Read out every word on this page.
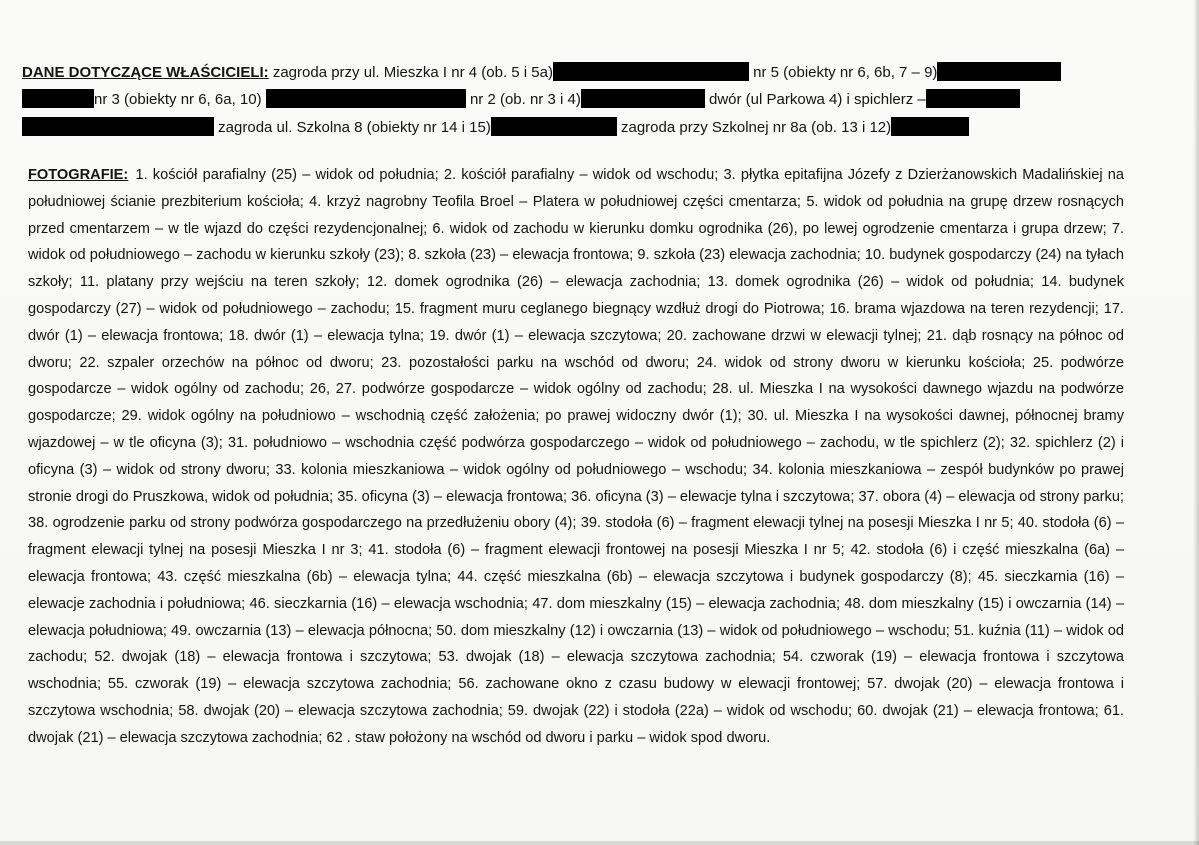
DANE DOTYCZĄCE WŁAŚCICIELI: zagroda przy ul. Mieszka I nr 4 (ob. 5 i 5a)	nr 5 (obiekty nr 6, 6b, 7 – 9)
nr 3 (obiekty nr 6, 6a, 10)	nr 2 (ob. nr 3 i 4)	dwór (ul Parkowa 4) i spichlerz –
zagroda ul. Szkolna 8 (obiekty nr 14 i 15)	zagroda przy Szkolnej nr 8a (ob. 13 i 12)
FOTOGRAFIE: 1. kościół parafialny (25) – widok od południa; 2. kościół parafialny – widok od wschodu; 3. płytka epitafijna Józefy z Dzierżanowskich Madalińskiej na południowej ścianie prezbiterium kościoła; 4. krzyż nagrobny Teofila Broel – Platera w południowej części cmentarza; 5. widok od południa na grupę drzew rosnących przed cmentarzem – w tle wjazd do części rezydencjonalnej; 6. widok od zachodu w kierunku domku ogrodnika (26), po lewej ogrodzenie cmentarza i grupa drzew; 7. widok od południowego – zachodu w kierunku szkoły (23); 8. szkoła (23) – elewacja frontowa; 9. szkoła (23) elewacja zachodnia; 10. budynek gospodarczy (24) na tyłach szkoły; 11. platany przy wejściu na teren szkoły; 12. domek ogrodnika (26) – elewacja zachodnia; 13. domek ogrodnika (26) – widok od południa; 14. budynek gospodarczy (27) – widok od południowego – zachodu; 15. fragment muru ceglanego biegnący wzdłuż drogi do Piotrowa; 16. brama wjazdowa na teren rezydencji; 17. dwór (1) – elewacja frontowa; 18. dwór (1) – elewacja tylna; 19. dwór (1) – elewacja szczytowa; 20. zachowane drzwi w elewacji tylnej; 21. dąb rosnący na północ od dworu; 22. szpaler orzechów na północ od dworu; 23. pozostałości parku na wschód od dworu; 24. widok od strony dworu w kierunku kościoła; 25. podwórze gospodarcze – widok ogólny od zachodu; 26, 27. podwórze gospodarcze – widok ogólny od zachodu; 28. ul. Mieszka I na wysokości dawnego wjazdu na podwórze gospodarcze; 29. widok ogólny na południowo – wschodnią część założenia; po prawej widoczny dwór (1); 30. ul. Mieszka I na wysokości dawnej, północnej bramy wjazdowej – w tle oficyna (3); 31. południowo – wschodnia część podwórza gospodarczego – widok od południowego – zachodu, w tle spichlerz (2); 32. spichlerz (2) i oficyna (3) – widok od strony dworu; 33. kolonia mieszkaniowa – widok ogólny od południowego – wschodu; 34. kolonia mieszkaniowa – zespół budynków po prawej stronie drogi do Pruszkowa, widok od południa; 35. oficyna (3) – elewacja frontowa; 36. oficyna (3) – elewacje tylna i szczytowa; 37. obora (4) – elewacja od strony parku; 38. ogrodzenie parku od strony podwórza gospodarczego na przedłużeniu obory (4); 39. stodoła (6) – fragment elewacji tylnej na posesji Mieszka I nr 5; 40. stodoła (6) – fragment elewacji tylnej na posesji Mieszka I nr 3; 41. stodoła (6) – fragment elewacji frontowej na posesji Mieszka I nr 5; 42. stodoła (6) i część mieszkalna (6a) – elewacja frontowa; 43. część mieszkalna (6b) – elewacja tylna; 44. część mieszkalna (6b) – elewacja szczytowa i budynek gospodarczy (8); 45. sieczkarnia (16) – elewacje zachodnia i południowa; 46. sieczkarnia (16) – elewacja wschodnia; 47. dom mieszkalny (15) – elewacja zachodnia; 48. dom mieszkalny (15) i owczarnia (14) – elewacja południowa; 49. owczarnia (13) – elewacja północna; 50. dom mieszkalny (12) i owczarnia (13) – widok od południowego – wschodu; 51. kuźnia (11) – widok od zachodu; 52. dwojak (18) – elewacja frontowa i szczytowa; 53. dwojak (18) – elewacja szczytowa zachodnia; 54. czworak (19) – elewacja frontowa i szczytowa wschodnia; 55. czworak (19) – elewacja szczytowa zachodnia; 56. zachowane okno z czasu budowy w elewacji frontowej; 57. dwojak (20) – elewacja frontowa i szczytowa wschodnia; 58. dwojak (20) – elewacja szczytowa zachodnia; 59. dwojak (22) i stodoła (22a) – widok od wschodu; 60. dwojak (21) – elewacja frontowa; 61. dwojak (21) – elewacja szczytowa zachodnia; 62 . staw położony na wschód od dworu i parku – widok spod dworu.
